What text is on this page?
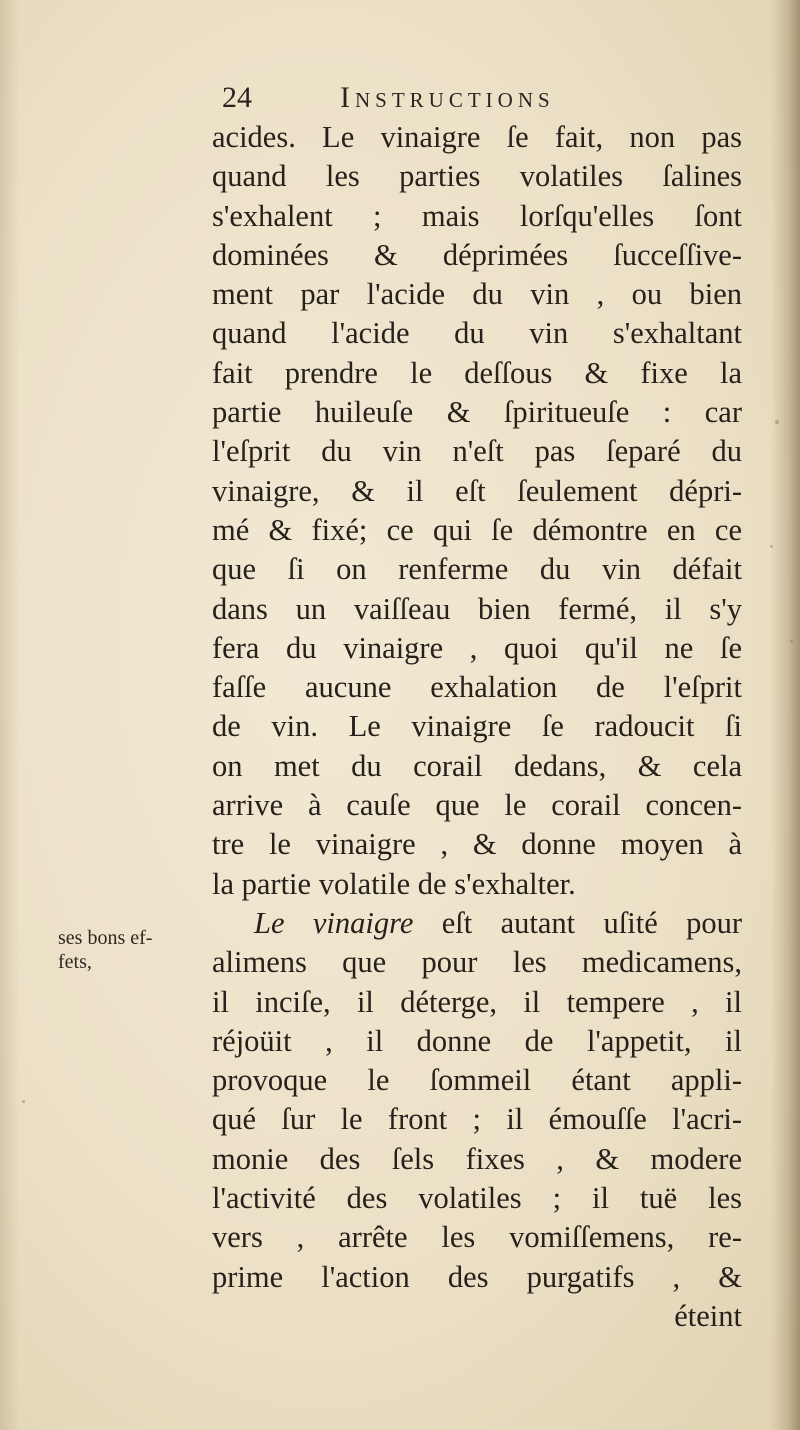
24	Instructions
ses bons ef-
fets,
acides. Le vinaigre ſe fait, non pas
quand les parties volatiles ſalines
s'exhalent ; mais lorſqu'elles ſont
dominées & déprimées ſucceſſive-
ment par l'acide du vin , ou bien
quand l'acide du vin s'exhaltant
fait prendre le deſſous & fixe la
partie huileuſe & ſpiritueuſe : car
l'eſprit du vin n'eſt pas ſeparé du
vinaigre, & il eſt ſeulement dépri-
mé & fixé; ce qui ſe démontre en ce
que ſi on renferme du vin défait
dans un vaiſſeau bien fermé, il s'y
fera du vinaigre , quoi qu'il ne ſe
faſſe aucune exhalation de l'eſprit
de vin. Le vinaigre ſe radoucit ſi
on met du corail dedans, & cela
arrive à cauſe que le corail concen-
tre le vinaigre , & donne moyen à
la partie volatile de s'exhalter.
Le vinaigre eſt autant uſité pour
alimens que pour les medicamens,
il inciſe, il déterge, il tempere , il
réjoüit , il donne de l'appetit, il
provoque le ſommeil étant appli-
qué ſur le front ; il émouſſe l'acri-
monie des ſels fixes , & modere
l'activité des volatiles ; il tuë les
vers , arrête les vomiſſemens, re-
prime l'action des purgatifs , &
éteint
